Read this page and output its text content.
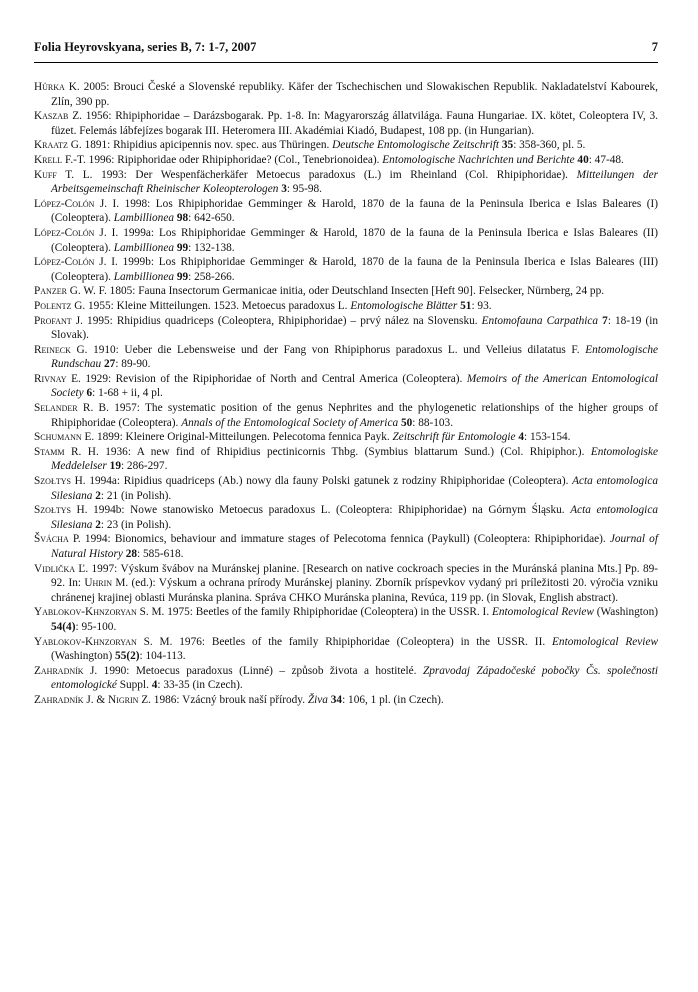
Folia Heyrovskyana, series B, 7: 1-7, 2007	7

Hůrka K. 2005: Brouci České a Slovenské republiky. Käfer der Tschechischen und Slowakischen Republik. Nakladatelství Kabourek, Zlín, 390 pp.

Kaszab Z. 1956: Rhipiphoridae – Darázsbogarak. Pp. 1-8. In: Magyarország állatvilága. Fauna Hungariae. IX. kötet, Coleoptera IV, 3. füzet. Felemás lábfejízes bogarak III. Heteromera III. Akadémiai Kiadó, Budapest, 108 pp. (in Hungarian).

Kraatz G. 1891: Rhipidius apicipennis nov. spec. aus Thüringen. Deutsche Entomologische Zeitschrift 35: 358-360, pl. 5.

Krell F.-T. 1996: Ripiphoridae oder Rhipiphoridae? (Col., Tenebrionoidea). Entomologische Nachrichten und Berichte 40: 47-48.

Kuff T. L. 1993: Der Wespenfächerkäfer Metoecus paradoxus (L.) im Rheinland (Col. Rhipiphoridae). Mitteilungen der Arbeitsgemeinschaft Rheinischer Koleopterologen 3: 95-98.

López-Colón J. I. 1998: Los Rhipiphoridae Gemminger & Harold, 1870 de la fauna de la Peninsula Iberica e Islas Baleares (I) (Coleoptera). Lambillionea 98: 642-650.

López-Colón J. I. 1999a: Los Rhipiphoridae Gemminger & Harold, 1870 de la fauna de la Peninsula Iberica e Islas Baleares (II) (Coleoptera). Lambillionea 99: 132-138.

López-Colón J. I. 1999b: Los Rhipiphoridae Gemminger & Harold, 1870 de la fauna de la Peninsula Iberica e Islas Baleares (III) (Coleoptera). Lambillionea 99: 258-266.

Panzer G. W. F. 1805: Fauna Insectorum Germanicae initia, oder Deutschland Insecten [Heft 90]. Felsecker, Nürnberg, 24 pp.

Polentz G. 1955: Kleine Mitteilungen. 1523. Metoecus paradoxus L. Entomologische Blätter 51: 93.

Profant J. 1995: Rhipidius quadriceps (Coleoptera, Rhipiphoridae) – prvý nález na Slovensku. Entomofauna Carpathica 7: 18-19 (in Slovak).

Reineck G. 1910: Ueber die Lebensweise und der Fang von Rhipiphorus paradoxus L. und Velleius dilatatus F. Entomologische Rundschau 27: 89-90.

Rivnay E. 1929: Revision of the Ripiphoridae of North and Central America (Coleoptera). Memoirs of the American Entomological Society 6: 1-68 + ii, 4 pl.

Selander R. B. 1957: The systematic position of the genus Nephrites and the phylogenetic relationships of the higher groups of Rhipiphoridae (Coleoptera). Annals of the Entomological Society of America 50: 88-103.

Schumann E. 1899: Kleinere Original-Mitteilungen. Pelecotoma fennica Payk. Zeitschrift für Entomologie 4: 153-154.

Stamm R. H. 1936: A new find of Rhipidius pectinicornis Thbg. (Symbius blattarum Sund.) (Col. Rhipiphor.). Entomologiske Meddelelser 19: 286-297.

Szołtys H. 1994a: Ripidius quadriceps (Ab.) nowy dla fauny Polski gatunek z rodziny Rhipiphoridae (Coleoptera). Acta entomologica Silesiana 2: 21 (in Polish).

Szołtys H. 1994b: Nowe stanowisko Metoecus paradoxus L. (Coleoptera: Rhipiphoridae) na Górnym Śląsku. Acta entomologica Silesiana 2: 23 (in Polish).

Švácha P. 1994: Bionomics, behaviour and immature stages of Pelecotoma fennica (Paykull) (Coleoptera: Rhipiphoridae). Journal of Natural History 28: 585-618.

Vidlička Ľ. 1997: Výskum švábov na Muránskej planine. [Research on native cockroach species in the Muránská planina Mts.] Pp. 89-92. In: Uhrin M. (ed.): Výskum a ochrana prírody Muránskej planiny. Zborník príspevkov vydaný pri príležitosti 20. výročia vzniku chránenej krajinej oblasti Muránska planina. Správa CHKO Muránska planina, Revúca, 119 pp. (in Slovak, English abstract).

Yablokov-Khnzoryan S. M. 1975: Beetles of the family Rhipiphoridae (Coleoptera) in the USSR. I. Entomological Review (Washington) 54(4): 95-100.

Yablokov-Khnzoryan S. M. 1976: Beetles of the family Rhipiphoridae (Coleoptera) in the USSR. II. Entomological Review (Washington) 55(2): 104-113.

Zahradník J. 1990: Metoecus paradoxus (Linné) – způsob života a hostitelé. Zpravodaj Západočeské pobočky Čs. společnosti entomologické Suppl. 4: 33-35 (in Czech).

Zahradník J. & Nigrin Z. 1986: Vzácný brouk naší přírody. Živa 34: 106, 1 pl. (in Czech).
